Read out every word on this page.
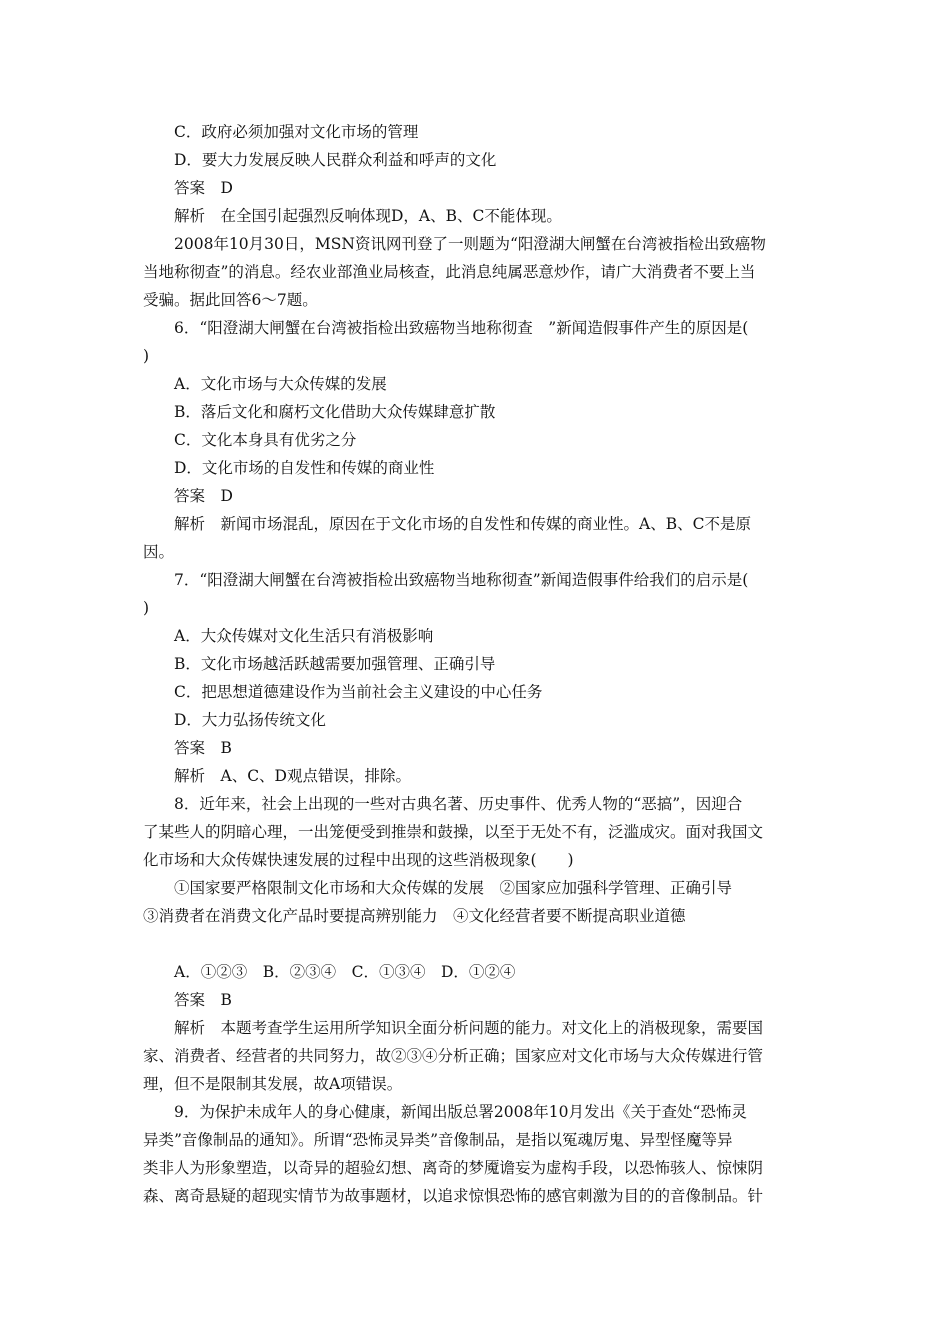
C．政府必须加强对文化市场的管理
D．要大力发展反映人民群众利益和呼声的文化
答案　D
解析　在全国引起强烈反响体现D，A、B、C不能体现。
2008年10月30日，MSN资讯网刊登了一则题为“阳澄湖大闸蟹在台湾被指检出致癌物
当地称彻查”的消息。经农业部渔业局核查，此消息纯属恶意炒作，请广大消费者不要上当
受骗。据此回答6～7题。
6．“阳澄湖大闸蟹在台湾被指检出致癌物当地称彻查　”新闻造假事件产生的原因是(
)
A．文化市场与大众传媒的发展
B．落后文化和腐朽文化借助大众传媒肆意扩散
C．文化本身具有优劣之分
D．文化市场的自发性和传媒的商业性
答案　D
解析　新闻市场混乱，原因在于文化市场的自发性和传媒的商业性。A、B、C不是原
因。
7．“阳澄湖大闸蟹在台湾被指检出致癌物当地称彻查”新闻造假事件给我们的启示是(
)
A．大众传媒对文化生活只有消极影响
B．文化市场越活跃越需要加强管理、正确引导
C．把思想道德建设作为当前社会主义建设的中心任务
D．大力弘扬传统文化
答案　B
解析　A、C、D观点错误，排除。
8．近年来，社会上出现的一些对古典名著、历史事件、优秀人物的“恶搞”，因迎合
了某些人的阴暗心理，一出笼便受到推崇和鼓操，以至于无处不有，泛滥成灾。面对我国文
化市场和大众传媒快速发展的过程中出现的这些消极现象(　　)
①国家要严格限制文化市场和大众传媒的发展　②国家应加强科学管理、正确引导
③消费者在消费文化产品时要提高辨别能力　④文化经营者要不断提高职业道德
A．①②③　B．②③④　C．①③④　D．①②④
答案　B
解析　本题考查学生运用所学知识全面分析问题的能力。对文化上的消极现象，需要国
家、消费者、经营者的共同努力，故②③④分析正确；国家应对文化市场与大众传媒进行管
理，但不是限制其发展，故A项错误。
9．为保护未成年人的身心健康，新闻出版总署2008年10月发出《关于查处“恐怖灵
异类”音像制品的通知》。所谓“恐怖灵异类”音像制品，是指以冤魂厉鬼、异型怪魔等异
类非人为形象塑造，以奇异的超验幻想、离奇的梦魇谵妄为虚构手段，以恐怖骇人、惊悚阴
森、离奇悬疑的超现实情节为故事题材，以追求惊惧恐怖的感官刺激为目的的音像制品。针
